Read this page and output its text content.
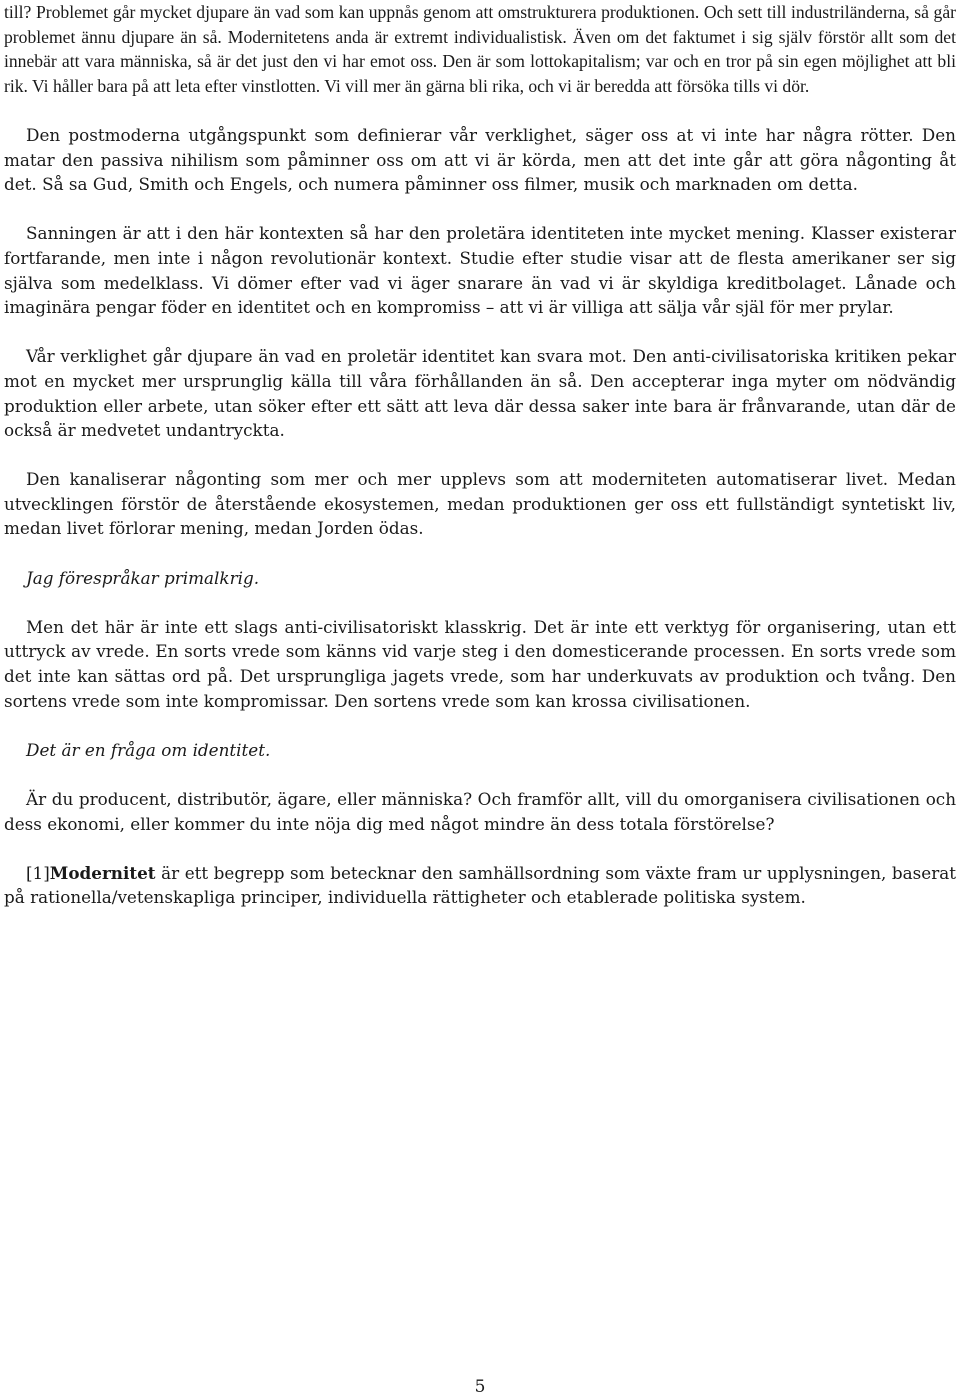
till? Problemet går mycket djupare än vad som kan uppnås genom att omstrukturera produktionen. Och sett till industriländerna, så går problemet ännu djupare än så. Modernitetens anda är extremt individualistisk. Även om det faktumet i sig själv förstör allt som det innebär att vara människa, så är det just den vi har emot oss. Den är som lottokapitalism; var och en tror på sin egen möjlighet att bli rik. Vi håller bara på att leta efter vinstlotten. Vi vill mer än gärna bli rika, och vi är beredda att försöka tills vi dör.

Den postmoderna utgångspunkt som definierar vår verklighet, säger oss at vi inte har några rötter. Den matar den passiva nihilism som påminner oss om att vi är körda, men att det inte går att göra någonting åt det. Så sa Gud, Smith och Engels, och numera påminner oss filmer, musik och marknaden om detta.

Sanningen är att i den här kontexten så har den proletära identiteten inte mycket mening. Klasser existerar fortfarande, men inte i någon revolutionär kontext. Studie efter studie visar att de flesta amerikaner ser sig själva som medelklass. Vi dömer efter vad vi äger snarare än vad vi är skyldiga kreditbolaget. Lånade och imaginära pengar föder en identitet och en kompromiss – att vi är villiga att sälja vår själ för mer prylar.

Vår verklighet går djupare än vad en proletär identitet kan svara mot. Den anti-civilisatoriska kritiken pekar mot en mycket mer ursprunglig källa till våra förhållanden än så. Den accepterar inga myter om nödvändig produktion eller arbete, utan söker efter ett sätt att leva där dessa saker inte bara är frånvarande, utan där de också är medvetet undantryckta.

Den kanaliserar någonting som mer och mer upplevs som att moderniteten automatiserar livet. Medan utvecklingen förstör de återstående ekosystemen, medan produktionen ger oss ett fullständigt syntetiskt liv, medan livet förlorar mening, medan Jorden ödas.

Jag förespråkar primalkrig.

Men det här är inte ett slags anti-civilisatoriskt klasskrig. Det är inte ett verktyg för organisering, utan ett uttryck av vrede. En sorts vrede som känns vid varje steg i den domesticerande processen. En sorts vrede som det inte kan sättas ord på. Det ursprungliga jagets vrede, som har underkuvats av produktion och tvång. Den sortens vrede som inte kompromissar. Den sortens vrede som kan krossa civilisationen.

Det är en fråga om identitet.

Är du producent, distributör, ägare, eller människa? Och framför allt, vill du omorganisera civilisationen och dess ekonomi, eller kommer du inte nöja dig med något mindre än dess totala förstörelse?

[1]Modernitet är ett begrepp som betecknar den samhällsordning som växte fram ur upplysningen, baserat på rationella/vetenskapliga principer, individuella rättigheter och etablerade politiska system.

5
